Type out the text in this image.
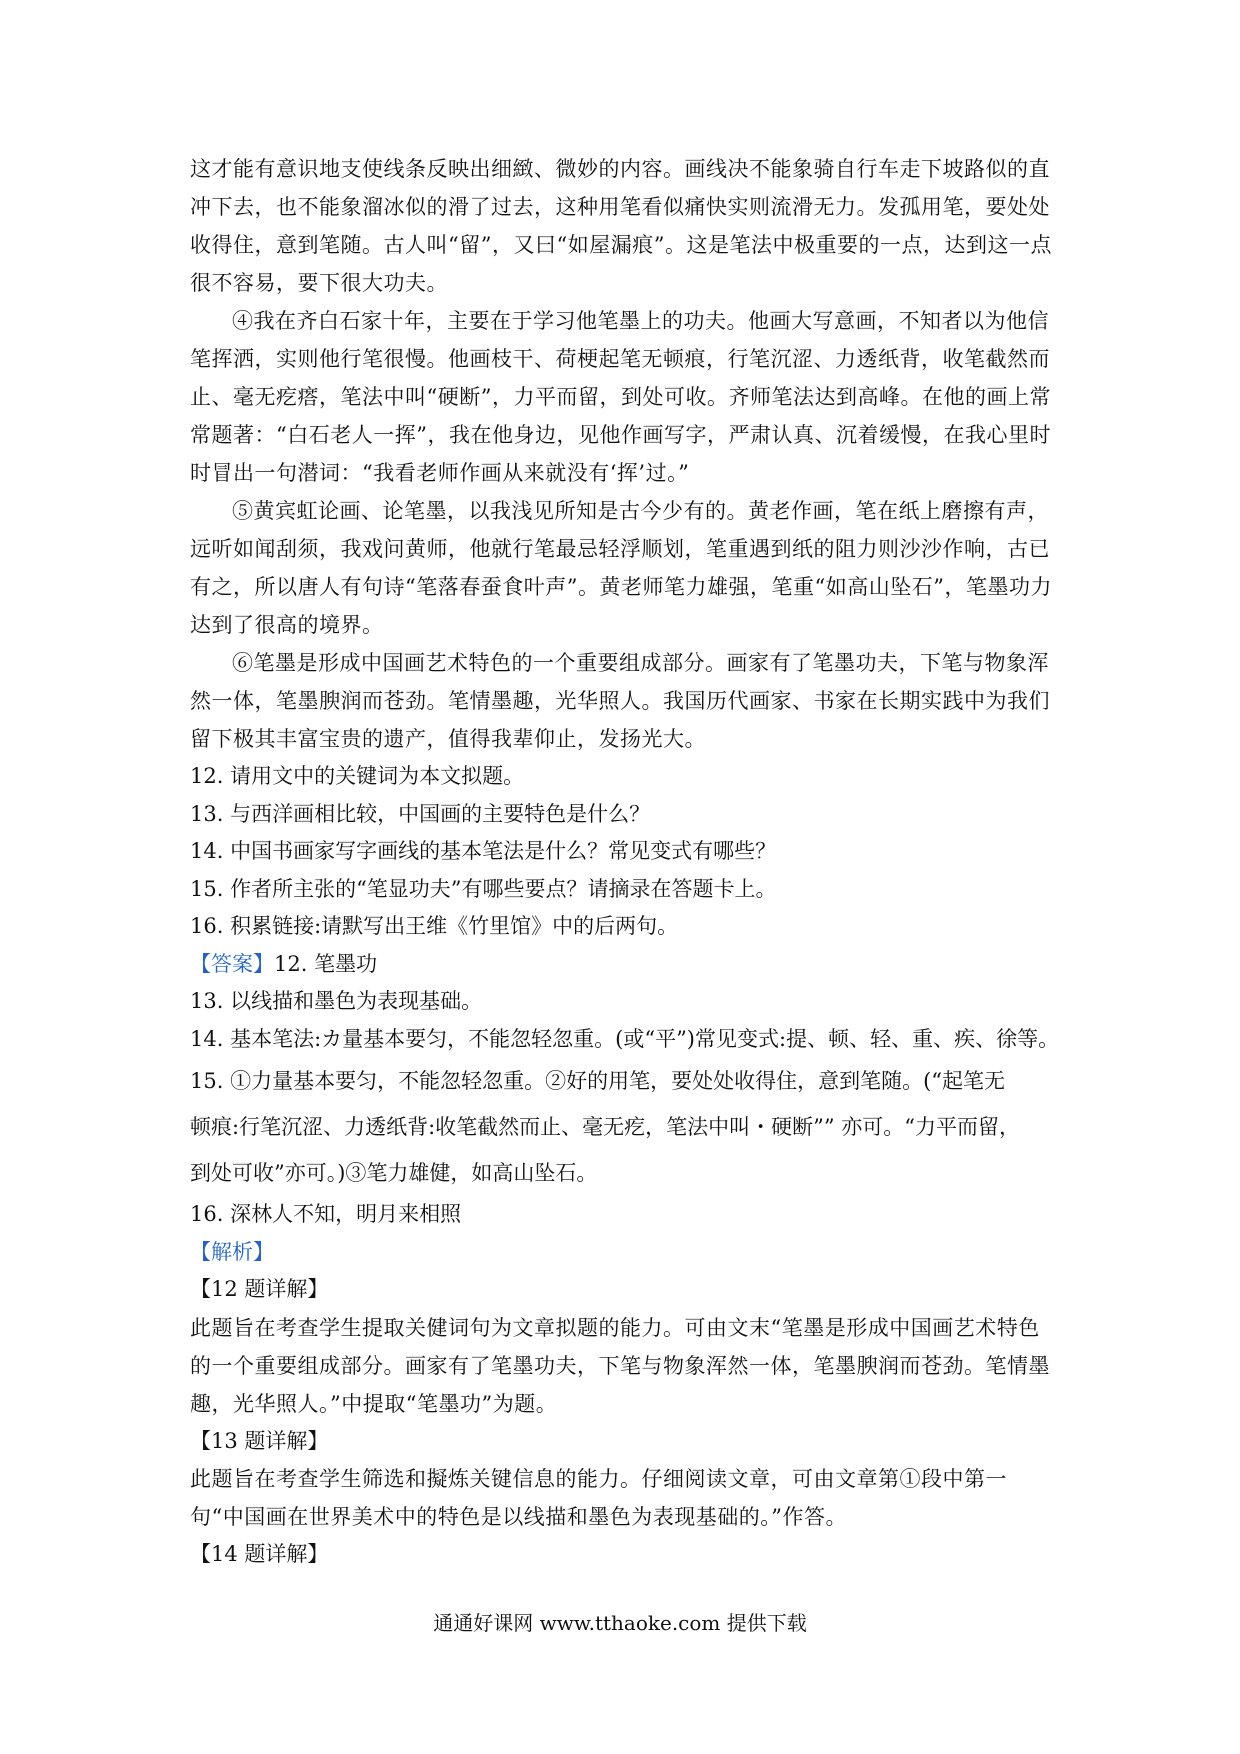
这才能有意识地支使线条反映出细緻、微妙的内容。画线决不能象骑自行车走下坡路似的直冲下去，也不能象溜冰似的滑了过去，这种用笔看似痛快实则流滑无力。发孤用笔，要处处收得住，意到笔随。古人叫“留”，又曰“如屋漏痕”。这是笔法中极重要的一点，达到这一点很不容易，要下很大功夫。

④我在齐白石家十年，主要在于学习他笔墨上的功夫。他画大写意画，不知者以为他信笔挥洒，实则他行笔很慢。他画枝干、荷梗起笔无顿痕，行笔沉涩、力透纸背，收笔截然而止、毫无疙瘩，笔法中叫“硬断”，力平而留，到处可收。齐师笔法达到高峰。在他的画上常常题著：“白石老人一挥”，我在他身边，见他作画写字，严肃认真、沉着缓慢，在我心里时时冒出一句潜词：“我看老师作画从来就没有‘挥’过。”

⑤黄宾虹论画、论笔墨，以我浅见所知是古今少有的。黄老作画，笔在纸上磨擦有声，远听如闻刮须，我戏问黄师，他就行笔最忌轻浮顺划，笔重遇到纸的阻力则沙沙作响，古已有之，所以唐人有句诗“笔落春蚕食叶声”。黄老师笔力雄强，笔重“如高山坠石”，笔墨功力达到了很高的境界。

⑥笔墨是形成中国画艺术特色的一个重要组成部分。画家有了笔墨功夫，下笔与物象浑然一体，笔墨腴润而苍劲。笔情墨趣，光华照人。我国历代画家、书家在长期实践中为我们留下极其丰富宝贵的遗产，值得我辈仰止，发扬光大。

12. 请用文中的关键词为本文拟题。

13. 与西洋画相比较，中国画的主要特色是什么？

14. 中国书画家写字画线的基本笔法是什么？常见变式有哪些？

15. 作者所主张的“笔显功夫”有哪些要点？请摘录在答题卡上。

16. 积累链接:请默写出王维《竹里馆》中的后两句。

【答案】12. 笔墨功

13. 以线描和墨色为表现基础。

14. 基本笔法:カ量基本要匀，不能忽轻忽重。(或“平”)常见变式:提、顿、轻、重、疾、徐等。

15. ①力量基本要匀，不能忽轻忽重。②好的用笔，要处处收得住，意到笔随。(“起笔无

顿痕:行笔沉涩、力透纸背:收笔截然而止、毫无疙，笔法中叫・硬断”” 亦可。“力平而留，

到处可收”亦可。)③笔力雄健，如高山坠石。

16. 深林人不知，明月来相照

【解析】

【12 题详解】

此题旨在考查学生提取关健词句为文章拟题的能力。可由文末“笔墨是形成中国画艺术特色的一个重要组成部分。画家有了笔墨功夫，下笔与物象浑然一体，笔墨腴润而苍劲。笔情墨趣，光华照人。”中提取“笔墨功”为题。

【13 题详解】

此题旨在考查学生筛选和擬炼关键信息的能力。仔细阅读文章，可由文章第①段中第一句“中国画在世界美术中的特色是以线描和墨色为表现基础的。”作答。

【14 题详解】

通通好课网 www.tthaoke.com 提供下载
